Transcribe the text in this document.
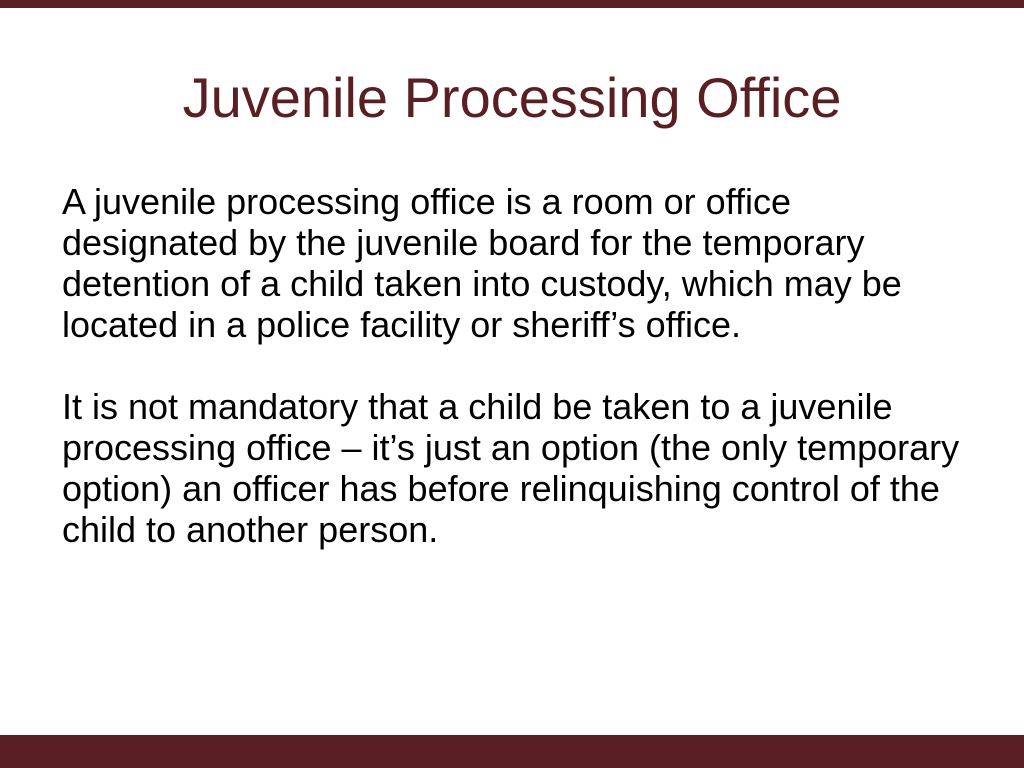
Juvenile Processing Office

A juvenile processing office is a room or office designated by the juvenile board for the temporary detention of a child taken into custody, which may be located in a police facility or sheriff’s office.

It is not mandatory that a child be taken to a juvenile processing office – it’s just an option (the only temporary option) an officer has before relinquishing control of the child to another person.
